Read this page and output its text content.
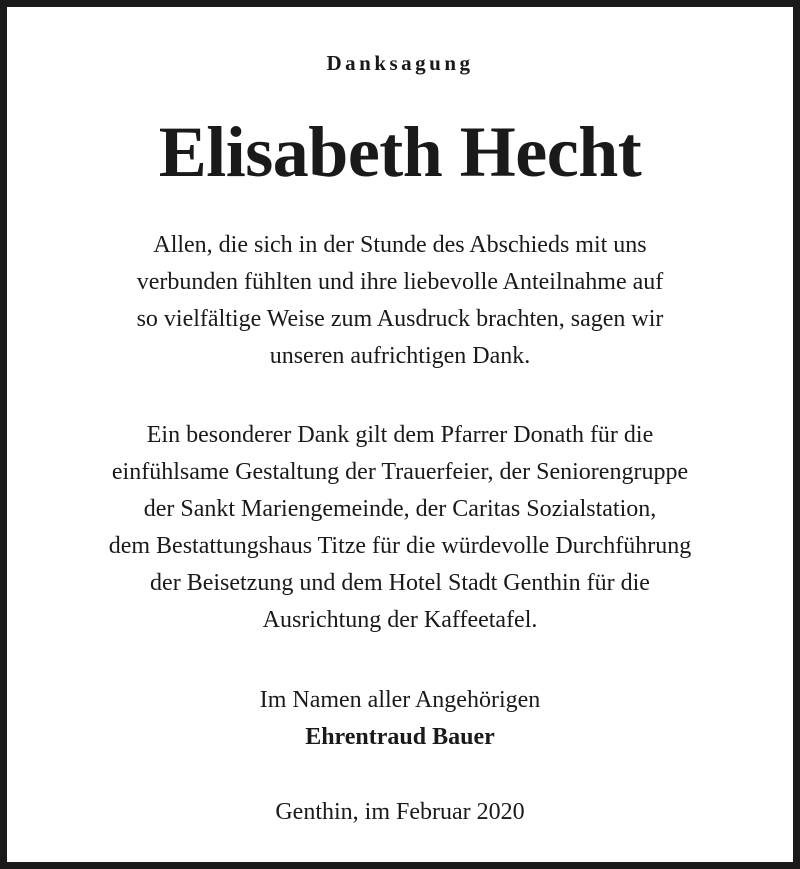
Danksagung
Elisabeth Hecht
Allen, die sich in der Stunde des Abschieds mit uns
verbunden fühlten und ihre liebevolle Anteilnahme auf
so vielfältige Weise zum Ausdruck brachten, sagen wir
unseren aufrichtigen Dank.
Ein besonderer Dank gilt dem Pfarrer Donath für die
einfühlsame Gestaltung der Trauerfeier, der Seniorengruppe
der Sankt Mariengemeinde, der Caritas Sozialstation,
dem Bestattungshaus Titze für die würdevolle Durchführung
der Beisetzung und dem Hotel Stadt Genthin für die
Ausrichtung der Kaffeetafel.
Im Namen aller Angehörigen
Ehrentraud Bauer
Genthin, im Februar 2020
